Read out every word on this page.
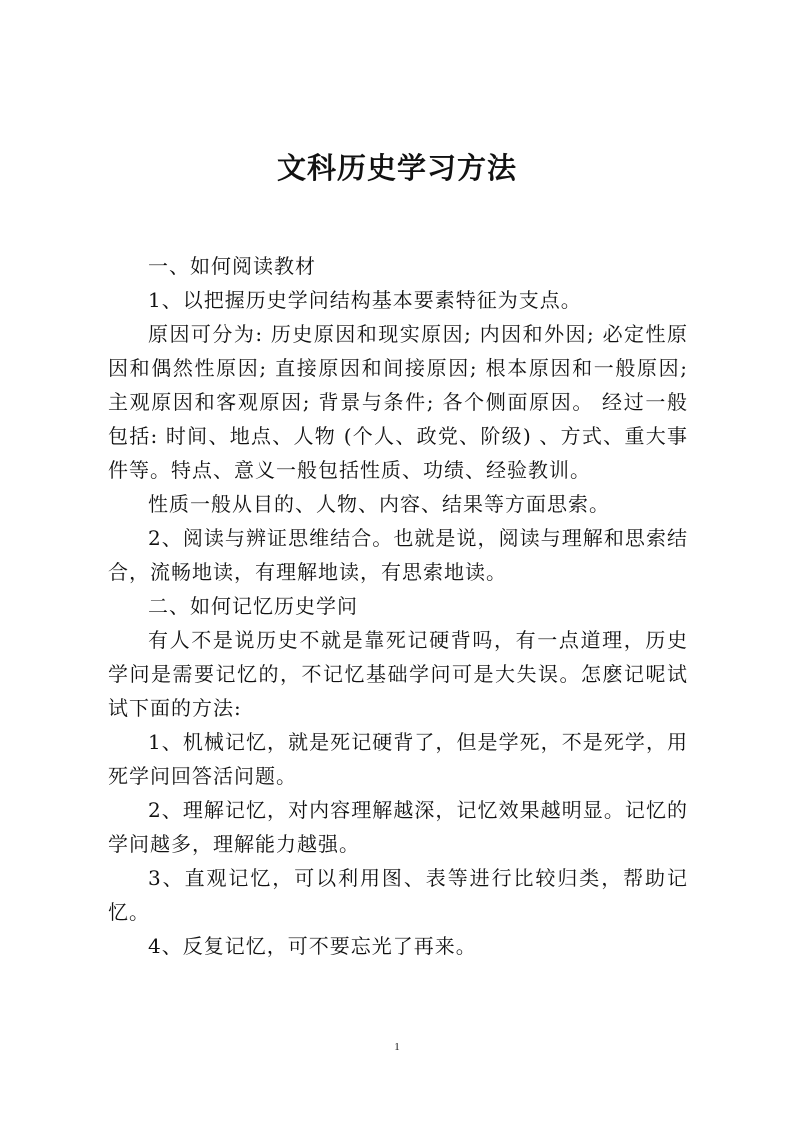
文科历史学习方法

一、如何阅读教材

1、以把握历史学问结构基本要素特征为支点。

原因可分为: 历史原因和现实原因; 内因和外因; 必定性原因和偶然性原因; 直接原因和间接原因; 根本原因和一般原因; 主观原因和客观原因; 背景与条件; 各个侧面原因。 经过一般包括: 时间、地点、人物 (个人、政党、阶级) 、方式、重大事件等。特点、意义一般包括性质、功绩、经验教训。

性质一般从目的、人物、内容、结果等方面思索。

2、阅读与辨证思维结合。也就是说，阅读与理解和思索结合，流畅地读，有理解地读，有思索地读。

二、如何记忆历史学问

有人不是说历史不就是靠死记硬背吗，有一点道理，历史学问是需要记忆的，不记忆基础学问可是大失误。怎麽记呢试试下面的方法:

1、机械记忆，就是死记硬背了，但是学死，不是死学，用死学问回答活问题。

2、理解记忆，对内容理解越深，记忆效果越明显。记忆的学问越多，理解能力越强。

3、直观记忆，可以利用图、表等进行比较归类，帮助记忆。

4、反复记忆，可不要忘光了再来。

1
